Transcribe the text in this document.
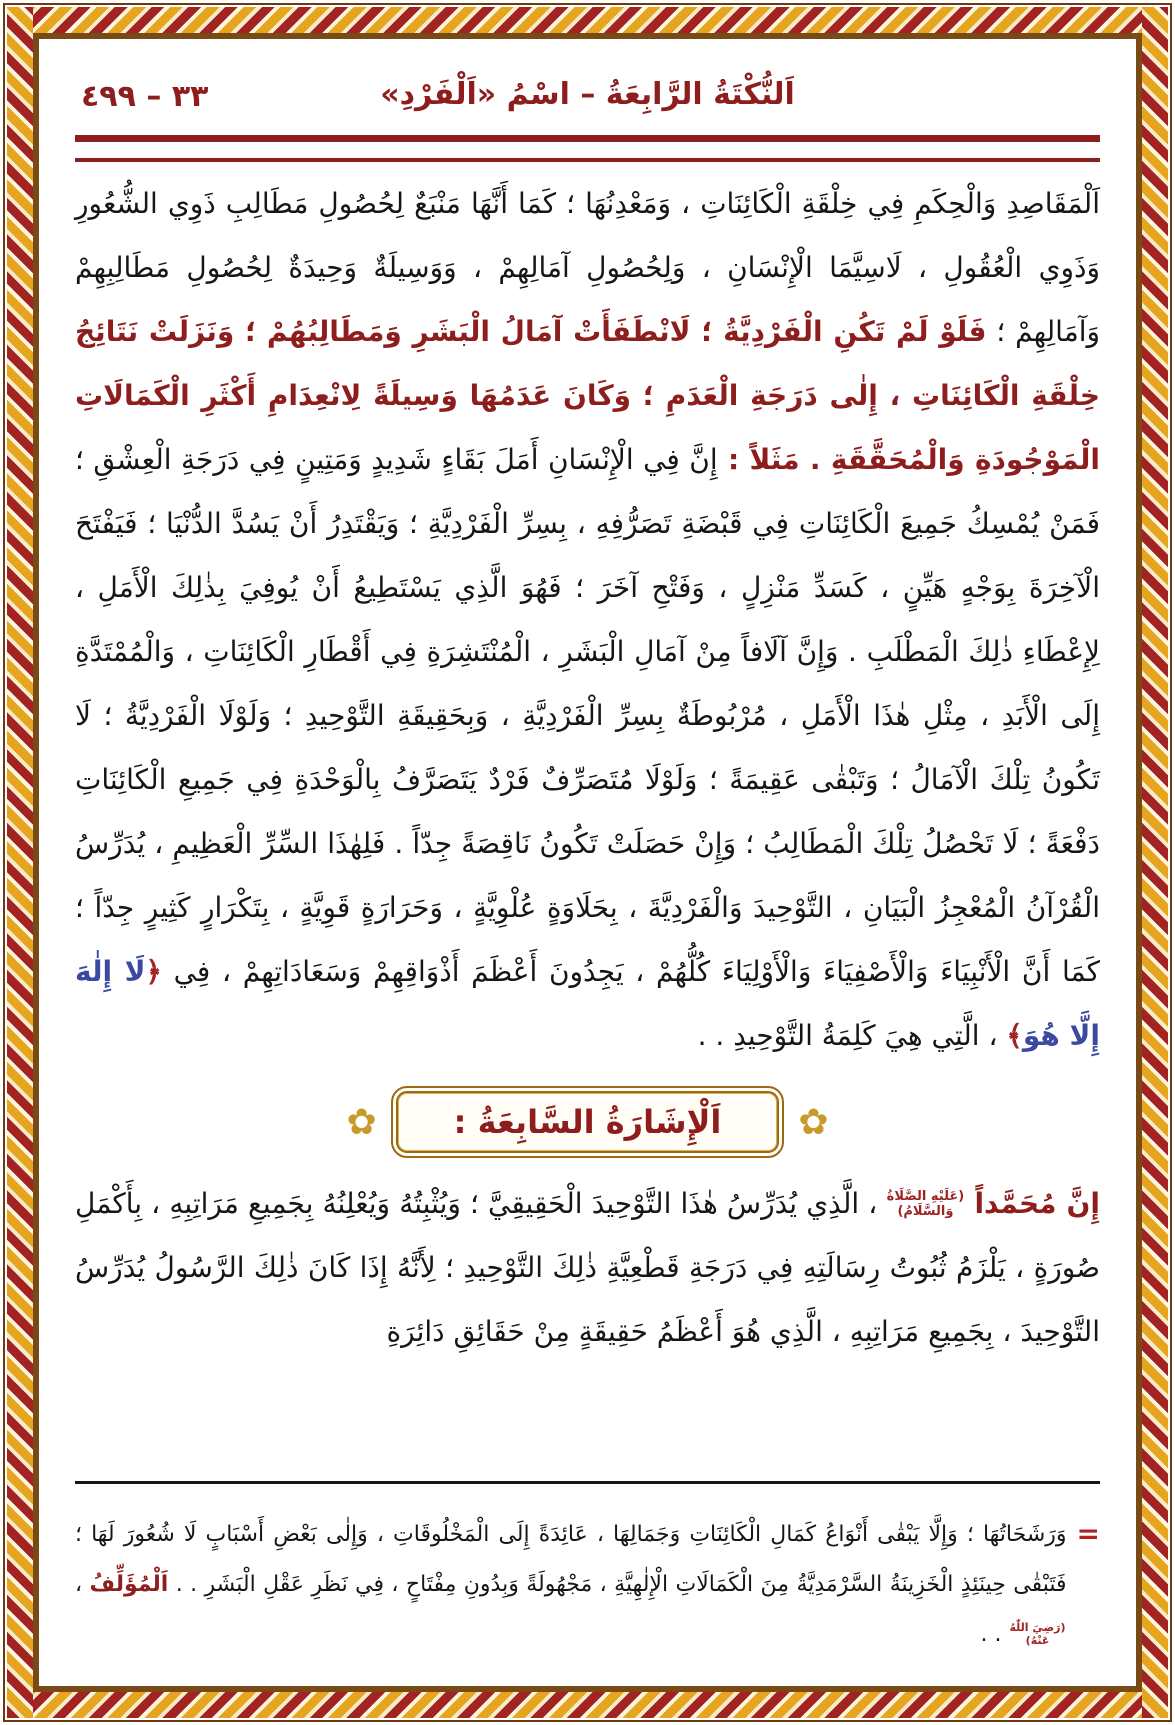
٣٣ – ٤٩٩	اَلنُّكْتَةُ الرَّابِعَةُ – اسْمُ «اَلْفَرْدِ»
اَلْمَقَاصِدِ وَالْحِكَمِ فِي خِلْقَةِ الْكَائِنَاتِ ، وَمَعْدِنُهَا ؛ كَمَا أَنَّهَا مَنْبَعٌ لِحُصُولِ مَطَالِبِ ذَوِي الشُّعُورِ وَذَوِي الْعُقُولِ ، لَاسِيَّمَا الْإِنْسَانِ ، وَلِحُصُولِ آمَالِهِمْ ، وَوَسِيلَةٌ وَحِيدَةٌ لِحُصُولِ مَطَالِبِهِمْ وَآمَالِهِمْ ؛ فَلَوْ لَمْ تَكُنِ الْفَرْدِيَّةُ ؛ لَانْطَفَأَتْ آمَالُ الْبَشَرِ وَمَطَالِبُهُمْ ؛ وَنَزَلَتْ نَتَائِجُ خِلْقَةِ الْكَائِنَاتِ ، إِلٰى دَرَجَةِ الْعَدَمِ ؛ وَكَانَ عَدَمُهَا وَسِيلَةً لِانْعِدَامِ أَكْثَرِ الْكَمَالَاتِ الْمَوْجُودَةِ وَالْمُحَقَّقَةِ . مَثَلاً : إِنَّ فِي الْإِنْسَانِ أَمَلَ بَقَاءٍ شَدِيدٍ وَمَتِينٍ فِي دَرَجَةِ الْعِشْقِ ؛ فَمَنْ يُمْسِكُ جَمِيعَ الْكَائِنَاتِ فِي قَبْضَةِ تَصَرُّفِهِ ، بِسِرِّ الْفَرْدِيَّةِ ؛ وَيَقْتَدِرُ أَنْ يَسُدَّ الدُّنْيَا ؛ فَيَفْتَحَ الْآخِرَةَ بِوَجْهٍ هَيِّنٍ ، كَسَدِّ مَنْزِلٍ ، وَفَتْحِ آخَرَ ؛ فَهُوَ الَّذِي يَسْتَطِيعُ أَنْ يُوفِيَ بِذٰلِكَ الْأَمَلِ ، لِإِعْطَاءِ ذٰلِكَ الْمَطْلَبِ . وَإِنَّ آلَافاً مِنْ آمَالِ الْبَشَرِ ، الْمُنْتَشِرَةِ فِي أَقْطَارِ الْكَائِنَاتِ ، وَالْمُمْتَدَّةِ إِلَى الْأَبَدِ ، مِثْلِ هٰذَا الْأَمَلِ ، مُرْبُوطَةٌ بِسِرِّ الْفَرْدِيَّةِ ، وَبِحَقِيقَةِ التَّوْحِيدِ ؛ وَلَوْلَا الْفَرْدِيَّةُ ؛ لَا تَكُونُ تِلْكَ الْآمَالُ ؛ وَتَبْقٰى عَقِيمَةً ؛ وَلَوْلَا مُتَصَرِّفٌ فَرْدٌ يَتَصَرَّفُ بِالْوَحْدَةِ فِي جَمِيعِ الْكَائِنَاتِ دَفْعَةً ؛ لَا تَحْصُلُ تِلْكَ الْمَطَالِبُ ؛ وَإِنْ حَصَلَتْ تَكُونُ نَاقِصَةً جِدّاً . فَلِهٰذَا السِّرِّ الْعَظِيمِ ، يُدَرِّسُ الْقُرْآنُ الْمُعْجِزُ الْبَيَانِ ، التَّوْحِيدَ وَالْفَرْدِيَّةَ ، بِحَلَاوَةٍ عُلْوِيَّةٍ ، وَحَرَارَةٍ قَوِيَّةٍ ، بِتَكْرَارٍ كَثِيرٍ جِدّاً ؛ كَمَا أَنَّ الْأَنْبِيَاءَ وَالْأَصْفِيَاءَ وَالْأَوْلِيَاءَ كُلُّهُمْ ، يَجِدُونَ أَعْظَمَ أَذْوَاقِهِمْ وَسَعَادَاتِهِمْ ، فِي ﴿لَا إِلٰهَ إِلَّا هُوَ﴾ ، الَّتِي هِيَ كَلِمَةُ التَّوْحِيدِ . .
✿
اَلْإِشَارَةُ السَّابِعَةُ :
✿
إِنَّ مُحَمَّداً (عَلَيْهِ الصَّلَاةُ وَالسَّلَامُ) ، الَّذِي يُدَرِّسُ هٰذَا التَّوْحِيدَ الْحَقِيقِيَّ ؛ وَيُثْبِتُهُ وَيُعْلِنُهُ بِجَمِيعِ مَرَاتِبِهِ ، بِأَكْمَلِ صُورَةٍ ، يَلْزَمُ ثُبُوتُ رِسَالَتِهِ فِي دَرَجَةِ قَطْعِيَّةِ ذٰلِكَ التَّوْحِيدِ ؛ لِأَنَّهُ إِذَا كَانَ ذٰلِكَ الرَّسُولُ يُدَرِّسُ التَّوْحِيدَ ، بِجَمِيعِ مَرَاتِبِهِ ، الَّذِي هُوَ أَعْظَمُ حَقِيقَةٍ مِنْ حَقَائِقِ دَائِرَةِ
=
وَرَشَحَاتُهَا ؛ وَإِلَّا يَبْقٰى أَنْوَاعُ كَمَالِ الْكَائِنَاتِ وَجَمَالِهَا ، عَائِدَةً إِلَى الْمَخْلُوقَاتِ ، وَإِلٰى بَعْضِ أَسْبَابٍ لَا شُعُورَ لَهَا ؛ فَتَبْقٰى حِينَئِذٍ الْخَزِينَةُ السَّرْمَدِيَّةُ مِنَ الْكَمَالَاتِ الْإِلٰهِيَّةِ ، مَجْهُولَةً وَبِدُونِ مِفْتَاحٍ ، فِي نَظَرِ عَقْلِ الْبَشَرِ . . اَلْمُؤَلِّفُ ، (رَضِيَ اللّٰهُ عَنْهُ) . .
